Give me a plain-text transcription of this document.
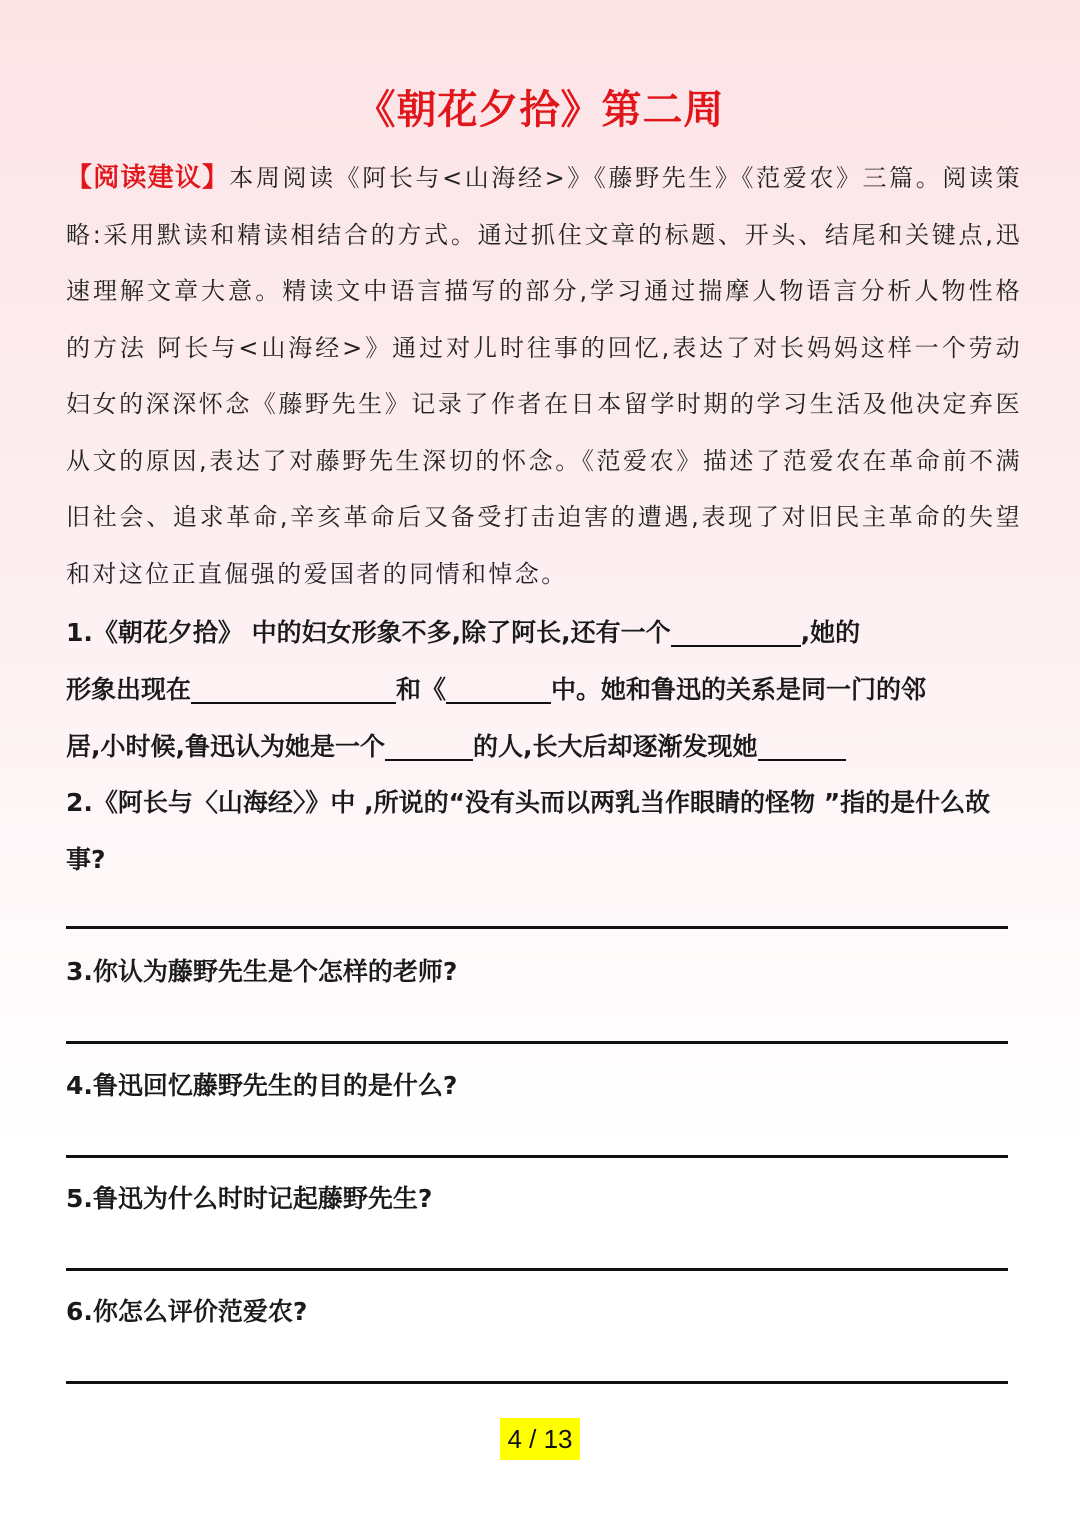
《朝花夕拾》第二周
【阅读建议】本周阅读《阿长与<山海经>》《藤野先生》《范爱农》三篇。阅读策略:采用默读和精读相结合的方式。通过抓住文章的标题、开头、结尾和关键点,迅速理解文章大意。精读文中语言描写的部分,学习通过揣摩人物语言分析人物性格的方法 阿长与<山海经>》通过对儿时往事的回忆,表达了对长妈妈这样一个劳动妇女的深深怀念《藤野先生》记录了作者在日本留学时期的学习生活及他决定弃医从文的原因,表达了对藤野先生深切的怀念。《范爱农》描述了范爱农在革命前不满旧社会、追求革命,辛亥革命后又备受打击迫害的遭遇,表现了对旧民主革命的失望和对这位正直倔强的爱国者的同情和悼念。
1.《朝花夕拾》 中的妇女形象不多,除了阿长,还有一个	,她的
形象出现在	和《	中。她和鲁迅的关系是同一门的邻
居,小时候,鲁迅认为她是一个	的人,长大后却逐渐发现她
2.《阿长与〈山海经〉》中 ,所说的“没有头而以两乳当作眼睛的怪物 ”指的是什么故事?
3.你认为藤野先生是个怎样的老师?
4.鲁迅回忆藤野先生的目的是什么?
5.鲁迅为什么时时记起藤野先生?
6.你怎么评价范爱农?
4 / 13
